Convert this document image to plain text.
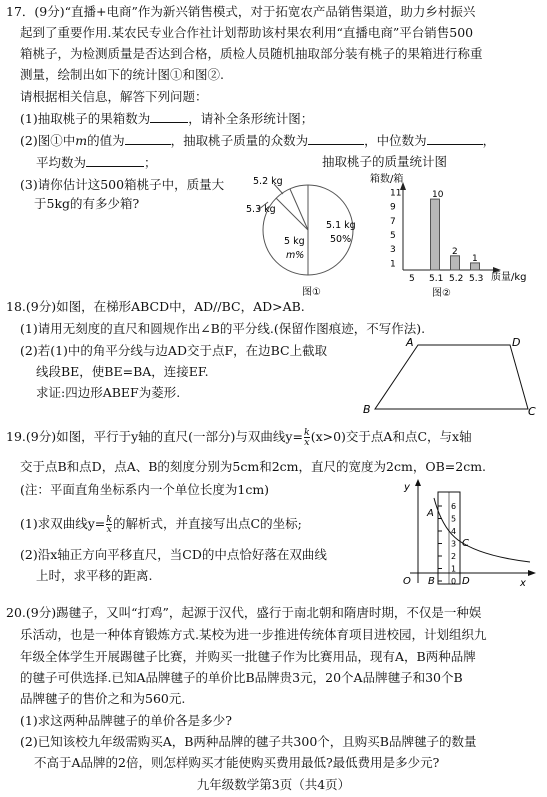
17．(9分)“直播+电商”作为新兴销售模式，对于拓宽农产品销售渠道，助力乡村振兴
起到了重要作用.某农民专业合作社计划帮助该村果农利用“直播电商”平台销售500
箱桃子，为检测质量是否达到合格，质检人员随机抽取部分装有桃子的果箱进行称重
测量，绘制出如下的统计图①和图②.
请根据相关信息，解答下列问题：
(1)抽取桃子的果箱数为	，请补全条形统计图；
(2)图①中m的值为	，抽取桃子质量的众数为	，中位数为	，
平均数为	；
(3)请你估计这500箱桃子中，质量大
于5kg的有多少箱?
5.2 kg
5.3 kg
5.1 kg
50%
5 kg
m%
图①
抽取桃子的质量统计图
箱数/箱
质量/kg
1
3
5
7
9
11
5 5.1
10
5.2
2
5.3
1
图②
18.(9分)如图，在梯形ABCD中，AD//BC，AD>AB.
(1)请用无刻度的直尺和圆规作出∠B的平分线.(保留作图痕迹，不写作法).
(2)若(1)中的角平分线与边AD交于点F，在边BC上截取
线段BE，使BE=BA，连接EF.
求证:四边形ABEF为菱形.
A	D
B	C
19.(9分)如图，平行于y轴的直尺(一部分)与双曲线$y= \frac{k}{x} (x>0)$交于点A和点C，与x轴
交于点B和点D，点A、B的刻度分别为5cm和2cm，直尺的宽度为2cm，OB=2cm.
(注：平面直角坐标系内一个单位长度为1cm)
(1)求双曲线$y= \frac{k}{x}$ 的解析式，并直接写出点C的坐标;
(2)沿x轴正方向平移直尺，当CD的中点恰好落在双曲线
上时，求平移的距离.
y
x
O	0
1
2
3
4
5
6
A
C
B	D
20.(9分)踢毽子，又叫“打鸡”，起源于汉代，盛行于南北朝和隋唐时期，不仅是一种娱
乐活动，也是一种体育锻炼方式.某校为进一步推进传统体育项目进校园，计划组织九
年级全体学生开展踢毽子比赛，并购买一批毽子作为比赛用品，现有A，B两种品牌
的毽子可供选择.已知A品牌毽子的单价比B品牌贵3元，20个A品牌毽子和30个B
品牌毽子的售价之和为560元.
(1)求这两种品牌毽子的单价各是多少?
(2)已知该校九年级需购买A，B两种品牌的毽子共300个，且购买B品牌毽子的数量
不高于A品牌的2倍，则怎样购买才能使购买费用最低?最低费用是多少元?
九年级数学第3页（共4页）
